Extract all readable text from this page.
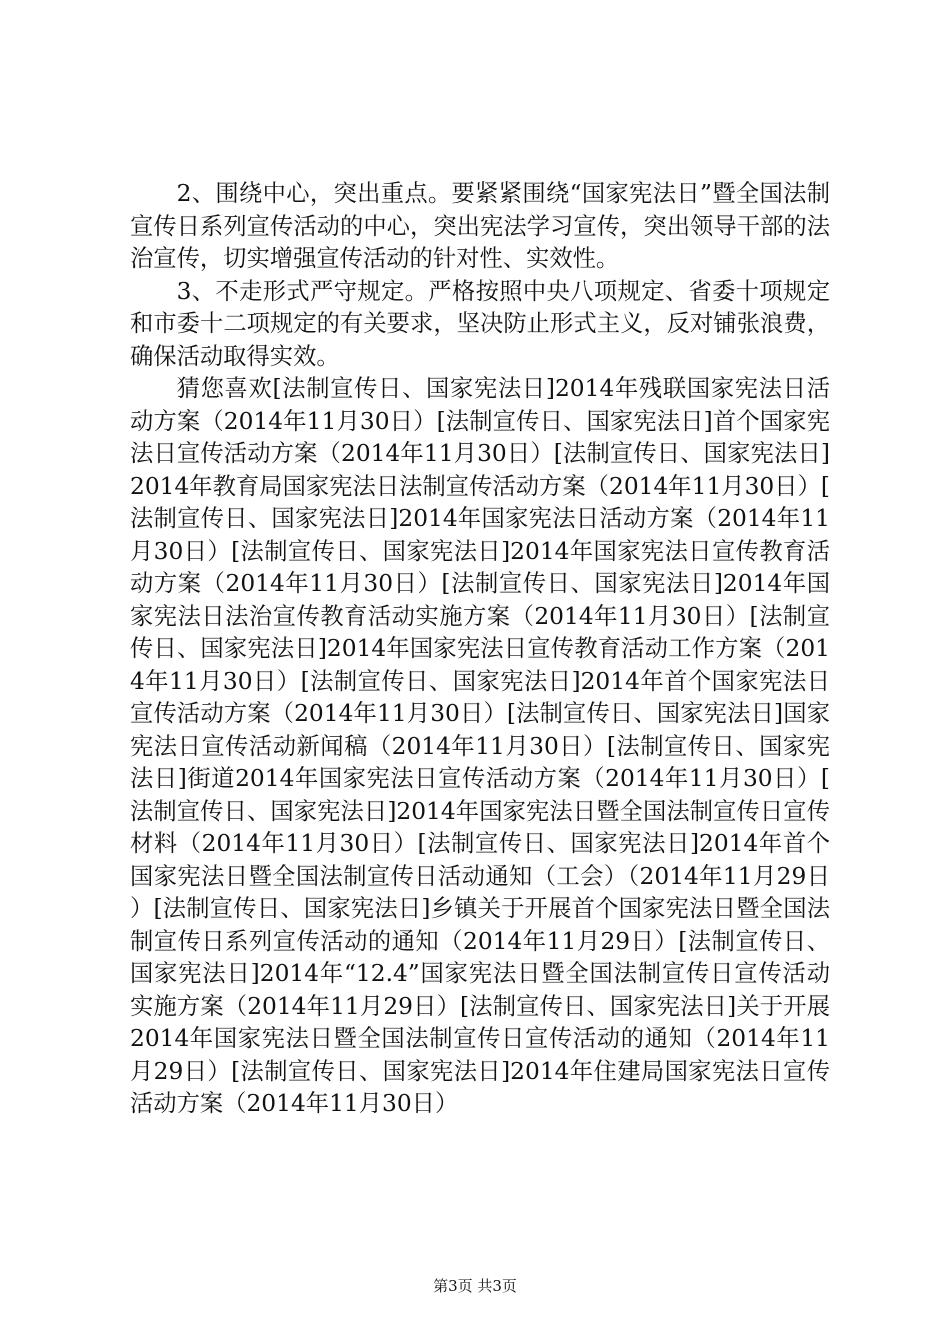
2、围绕中心，突出重点。要紧紧围绕“国家宪法日”暨全国法制宣传日系列宣传活动的中心，突出宪法学习宣传，突出领导干部的法治宣传，切实增强宣传活动的针对性、实效性。

3、不走形式严守规定。严格按照中央八项规定、省委十项规定和市委十二项规定的有关要求，坚决防止形式主义，反对铺张浪费，确保活动取得实效。

猜您喜欢[法制宣传日、国家宪法日]2014年残联国家宪法日活动方案（2014年11月30日）[法制宣传日、国家宪法日]首个国家宪法日宣传活动方案（2014年11月30日）[法制宣传日、国家宪法日]2014年教育局国家宪法日法制宣传活动方案（2014年11月30日）[法制宣传日、国家宪法日]2014年国家宪法日活动方案（2014年11月30日）[法制宣传日、国家宪法日]2014年国家宪法日宣传教育活动方案（2014年11月30日）[法制宣传日、国家宪法日]2014年国家宪法日法治宣传教育活动实施方案（2014年11月30日）[法制宣传日、国家宪法日]2014年国家宪法日宣传教育活动工作方案（2014年11月30日）[法制宣传日、国家宪法日]2014年首个国家宪法日宣传活动方案（2014年11月30日）[法制宣传日、国家宪法日]国家宪法日宣传活动新闻稿（2014年11月30日）[法制宣传日、国家宪法日]街道2014年国家宪法日宣传活动方案（2014年11月30日）[法制宣传日、国家宪法日]2014年国家宪法日暨全国法制宣传日宣传材料（2014年11月30日）[法制宣传日、国家宪法日]2014年首个国家宪法日暨全国法制宣传日活动通知（工会）（2014年11月29日）[法制宣传日、国家宪法日]乡镇关于开展首个国家宪法日暨全国法制宣传日系列宣传活动的通知（2014年11月29日）[法制宣传日、国家宪法日]2014年“12.4”国家宪法日暨全国法制宣传日宣传活动实施方案（2014年11月29日）[法制宣传日、国家宪法日]关于开展2014年国家宪法日暨全国法制宣传日宣传活动的通知（2014年11月29日）[法制宣传日、国家宪法日]2014年住建局国家宪法日宣传活动方案（2014年11月30日）

第3页 共3页
